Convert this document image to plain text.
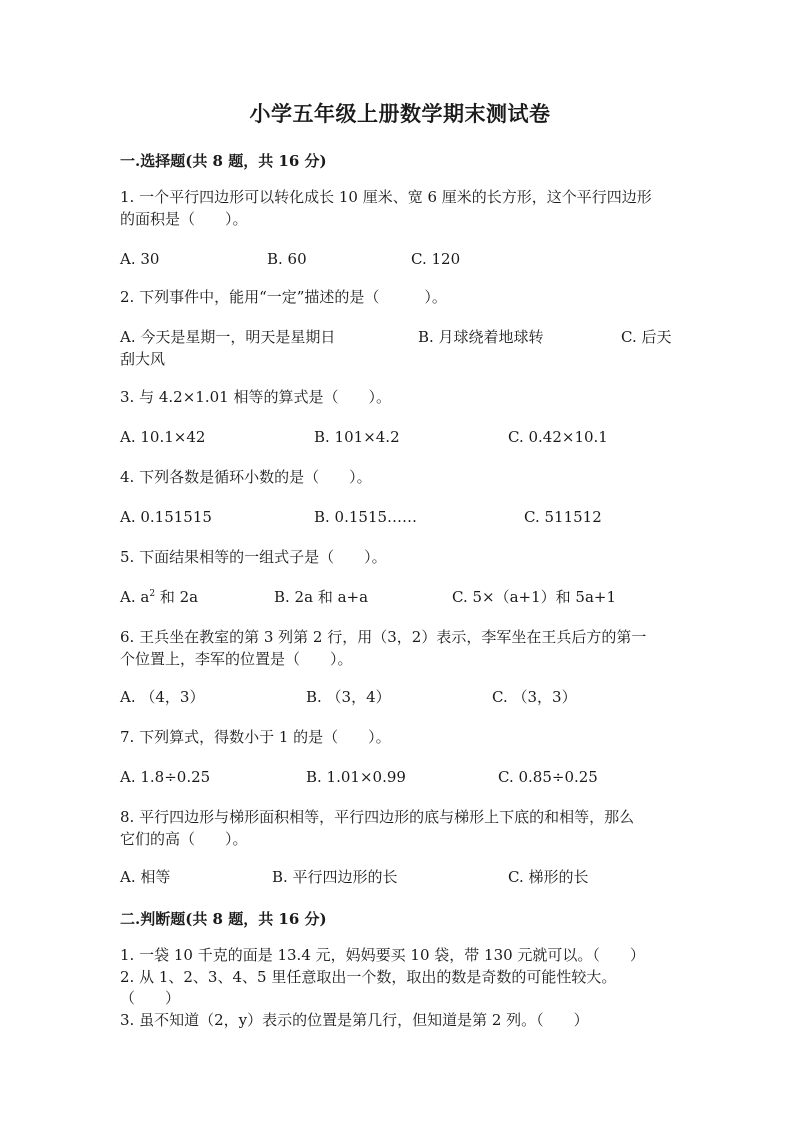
小学五年级上册数学期末测试卷
一.选择题(共 8 题，共 16 分)

1. 一个平行四边形可以转化成长 10 厘米、宽 6 厘米的长方形，这个平行四边形

的面积是（　　）。

A. 30	B. 60	C. 120

2. 下列事件中，能用“一定”描述的是（　　　）。

A. 今天是星期一，明天是星期日	B. 月球绕着地球转	C. 后天

刮大风

3. 与 4.2×1.01 相等的算式是（　　）。

A. 10.1×42	B. 101×4.2	C. 0.42×10.1

4. 下列各数是循环小数的是（　　）。

A. 0.151515	B. 0.1515……	C. 511512

5. 下面结果相等的一组式子是（　　）。

A. $a^2$ 和 2a	B. 2a 和 a+a	C. 5×（a+1）和 5a+1

6. 王兵坐在教室的第 3 列第 2 行，用（3，2）表示，李军坐在王兵后方的第一

个位置上，李军的位置是（　　）。

A. （4，3）	B. （3，4）	C. （3，3）

7. 下列算式，得数小于 1 的是（　　）。

A. 1.8÷0.25	B. 1.01×0.99	C. 0.85÷0.25

8. 平行四边形与梯形面积相等，平行四边形的底与梯形上下底的和相等，那么

它们的高（　　）。

A. 相等	B. 平行四边形的长	C. 梯形的长
二.判断题(共 8 题，共 16 分)

1. 一袋 10 千克的面是 13.4 元，妈妈要买 10 袋，带 130 元就可以。（　　）

2. 从 1、2、3、4、5 里任意取出一个数，取出的数是奇数的可能性较大。

（　　）

3. 虽不知道（2，y）表示的位置是第几行，但知道是第 2 列。（　　）
